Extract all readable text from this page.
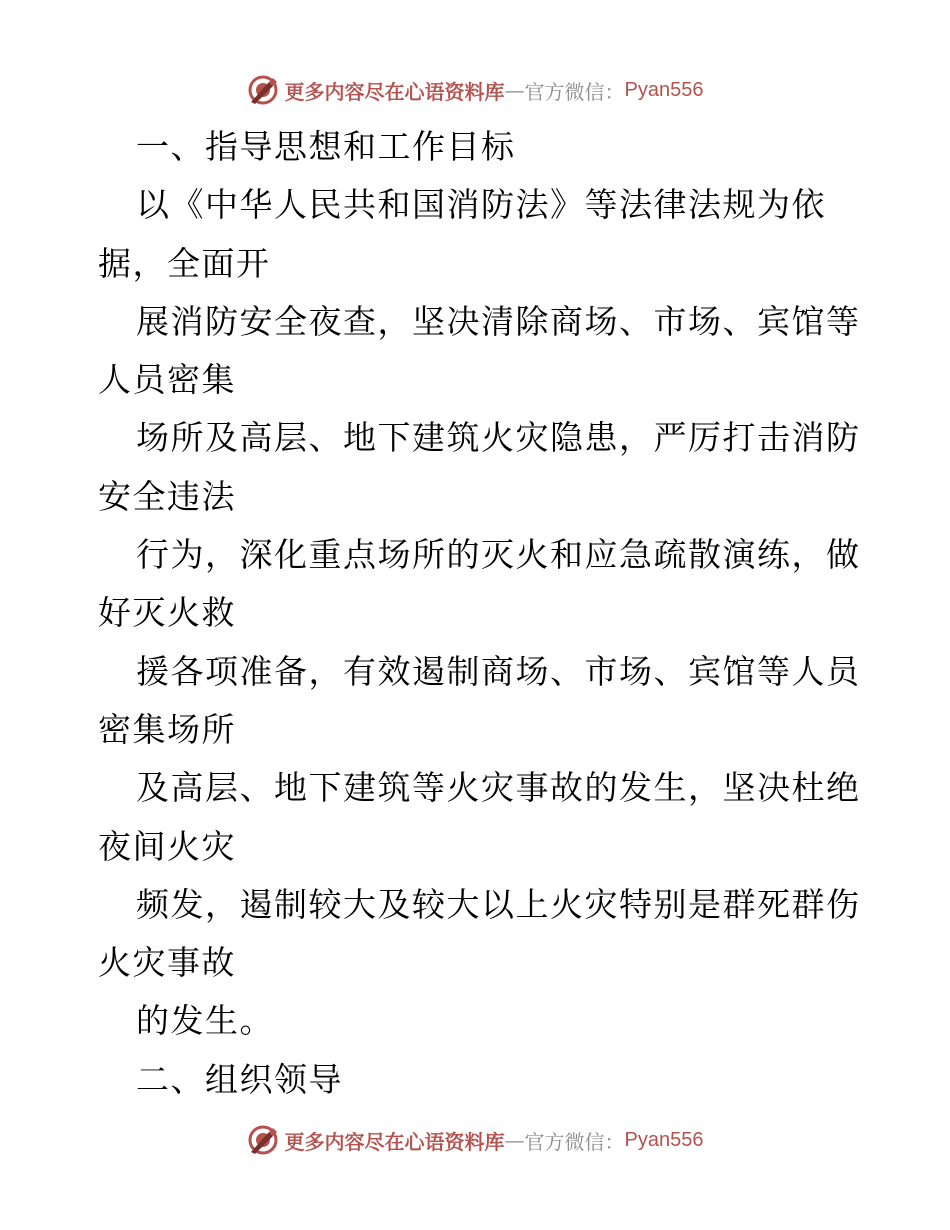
更多内容尽在心语资料库 — 官方微信： Pyan556
一、指导思想和工作目标
以《中华人民共和国消防法》等法律法规为依
据，全面开
展消防安全夜查，坚决清除商场、市场、宾馆等
人员密集
场所及高层、地下建筑火灾隐患，严厉打击消防
安全违法
行为，深化重点场所的灭火和应急疏散演练，做
好灭火救
援各项准备，有效遏制商场、市场、宾馆等人员
密集场所
及高层、地下建筑等火灾事故的发生，坚决杜绝
夜间火灾
频发，遏制较大及较大以上火灾特别是群死群伤
火灾事故
的发生。
二、组织领导
更多内容尽在心语资料库 — 官方微信： Pyan556
